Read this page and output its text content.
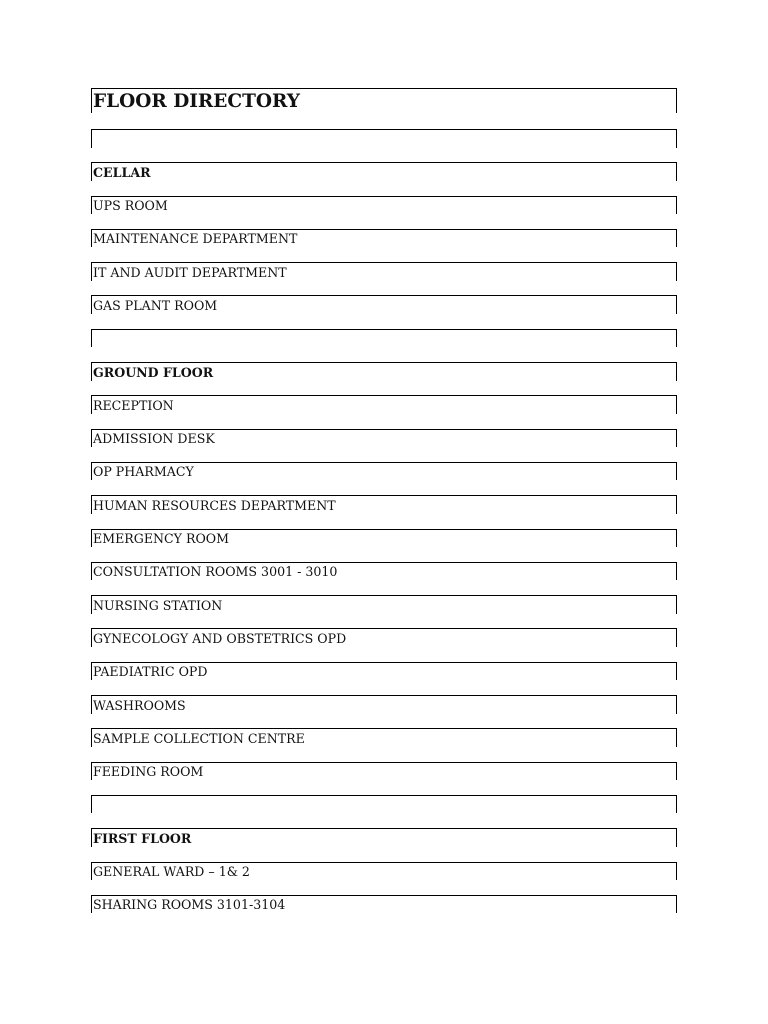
FLOOR DIRECTORY
CELLAR
UPS ROOM
MAINTENANCE DEPARTMENT
IT AND AUDIT DEPARTMENT
GAS PLANT ROOM
GROUND FLOOR
RECEPTION
ADMISSION DESK
OP PHARMACY
HUMAN RESOURCES DEPARTMENT
EMERGENCY ROOM
CONSULTATION ROOMS 3001 - 3010
NURSING STATION
GYNECOLOGY AND OBSTETRICS OPD
PAEDIATRIC OPD
WASHROOMS
SAMPLE COLLECTION CENTRE
FEEDING ROOM
FIRST FLOOR
GENERAL WARD – 1& 2
SHARING ROOMS 3101-3104
